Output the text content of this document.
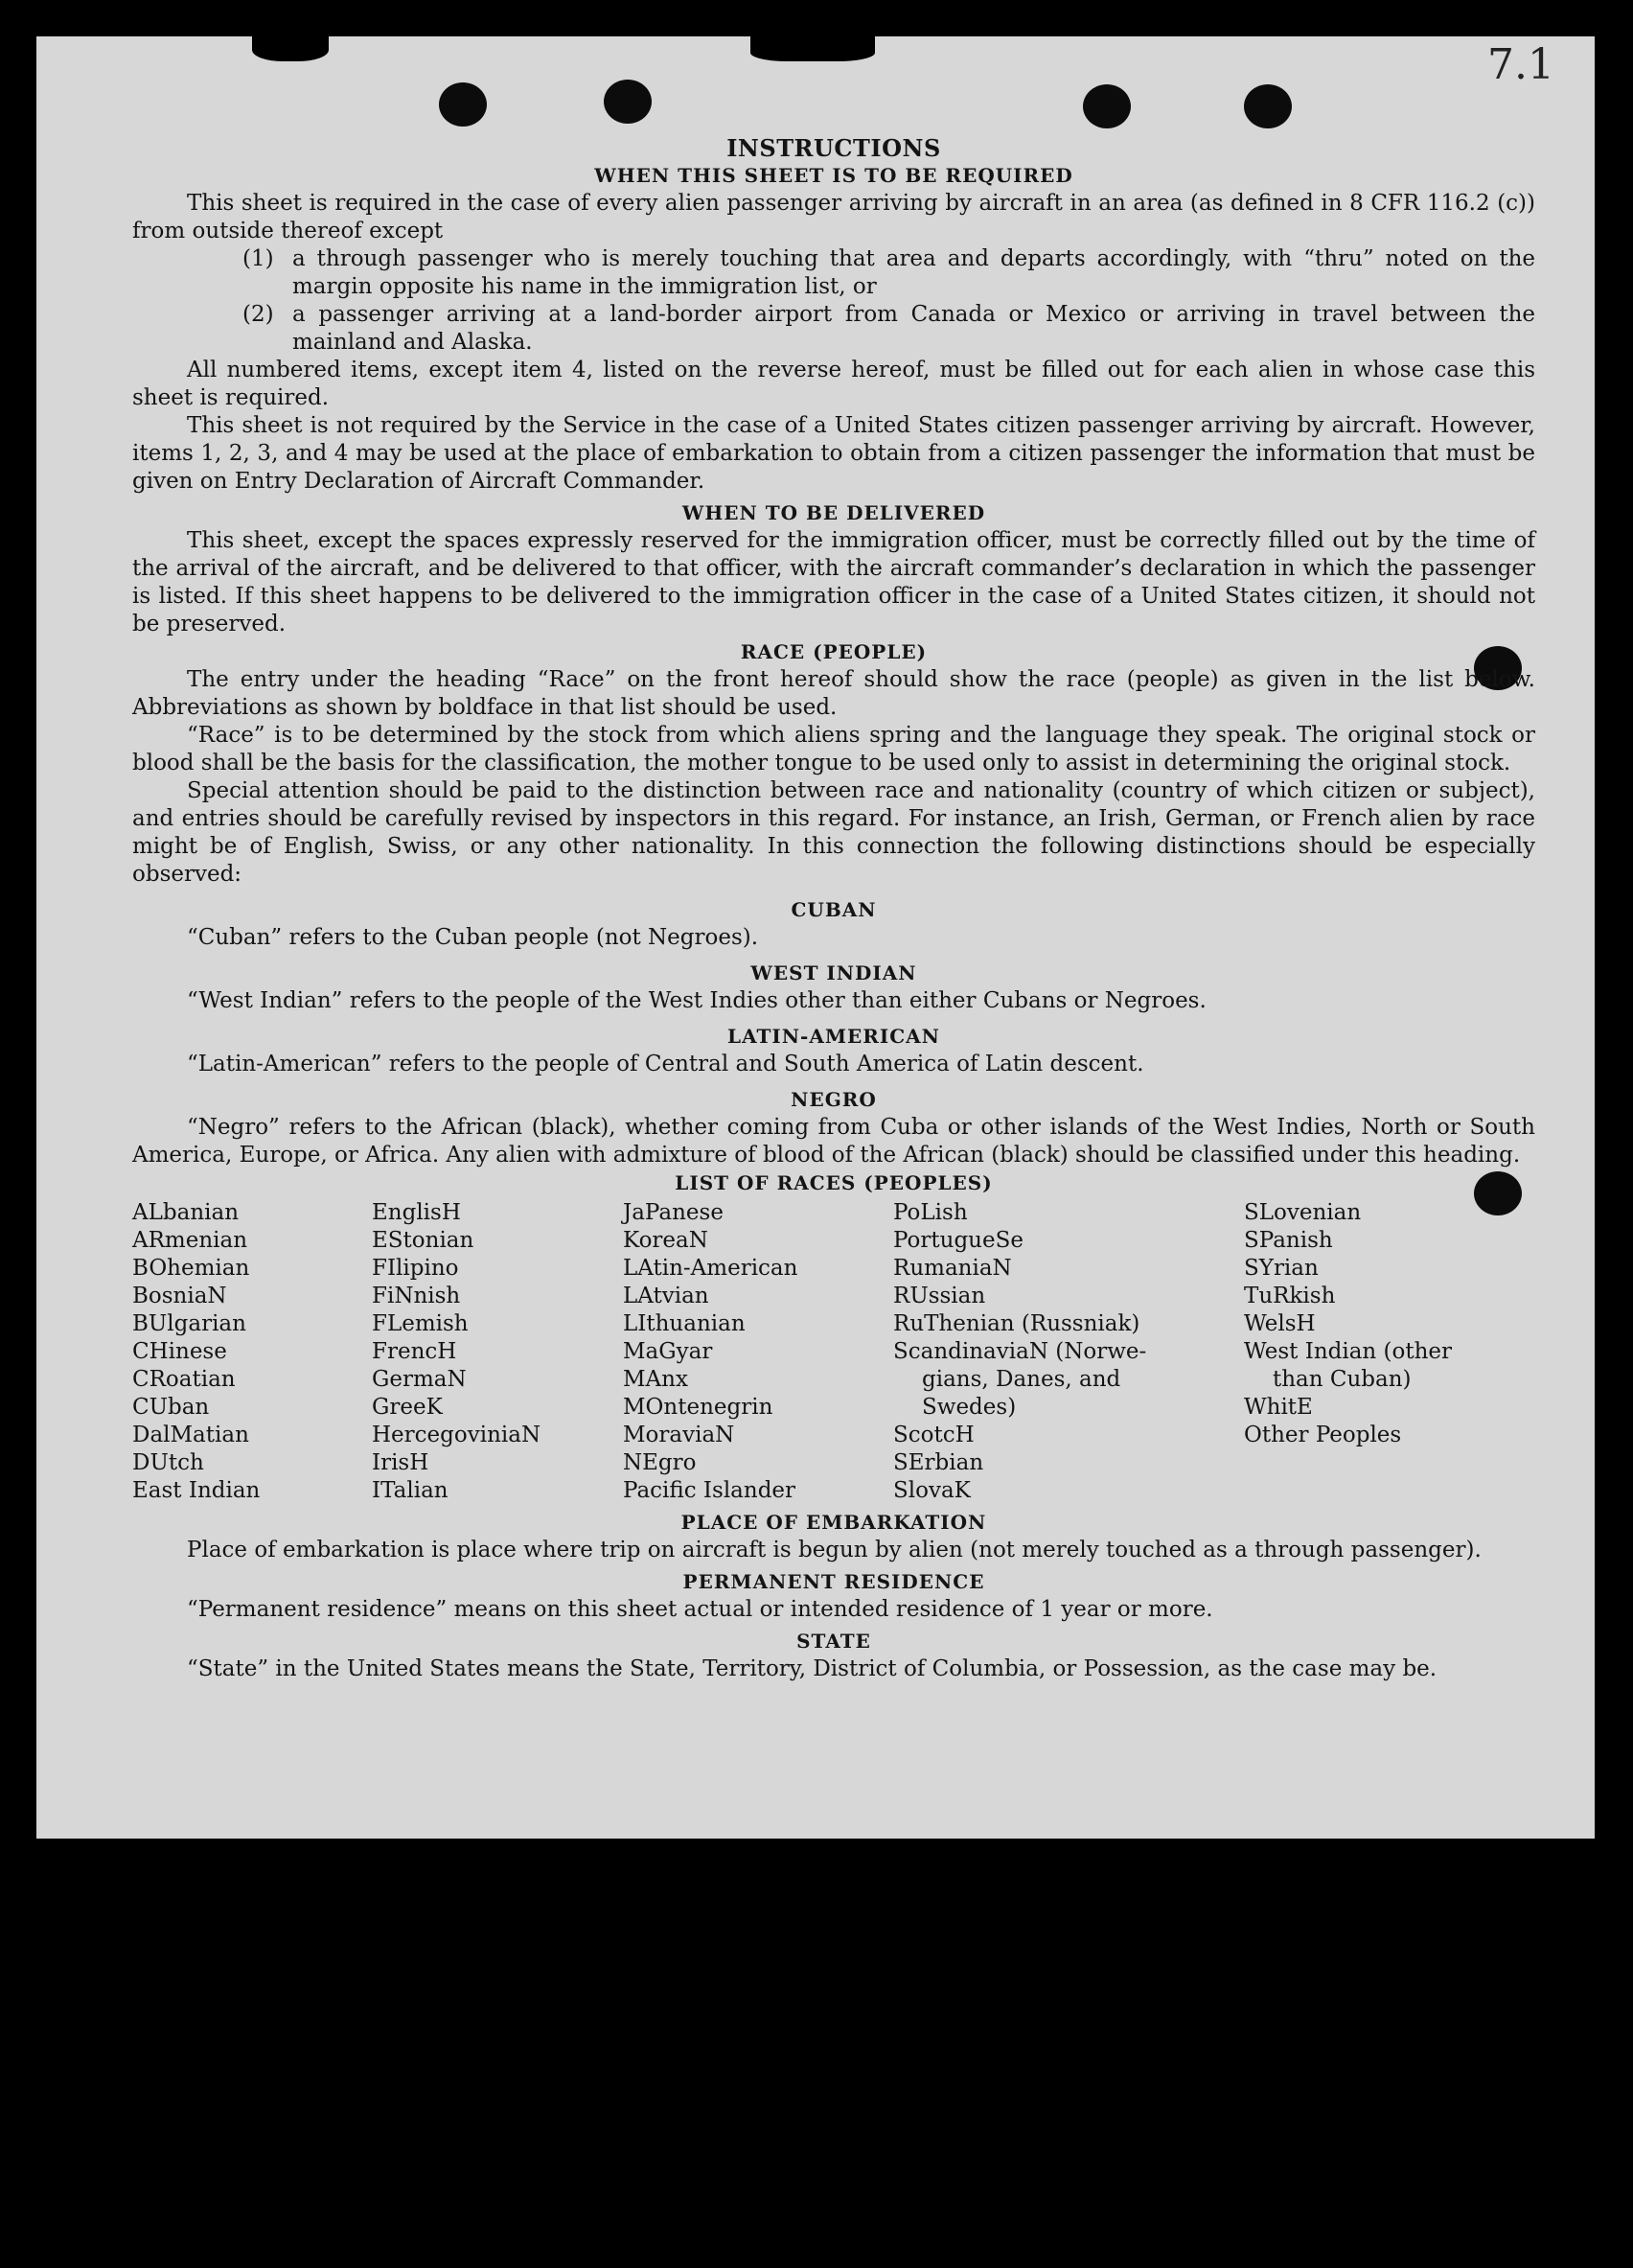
7.1
INSTRUCTIONS
WHEN THIS SHEET IS TO BE REQUIRED

This sheet is required in the case of every alien passenger arriving by aircraft in an area (as defined in 8 CFR 116.2 (c)) from outside thereof except

(1) a through passenger who is merely touching that area and departs accordingly, with “thru” noted on the margin opposite his name in the immigration list, or
(2) a passenger arriving at a land-border airport from Canada or Mexico or arriving in travel between the mainland and Alaska.

All numbered items, except item 4, listed on the reverse hereof, must be filled out for each alien in whose case this sheet is required.

This sheet is not required by the Service in the case of a United States citizen passenger arriving by aircraft. However, items 1, 2, 3, and 4 may be used at the place of embarkation to obtain from a citizen passenger the information that must be given on Entry Declaration of Aircraft Commander.

WHEN TO BE DELIVERED

This sheet, except the spaces expressly reserved for the immigration officer, must be correctly filled out by the time of the arrival of the aircraft, and be delivered to that officer, with the aircraft commander’s declaration in which the passenger is listed. If this sheet happens to be delivered to the immigration officer in the case of a United States citizen, it should not be preserved.

RACE (PEOPLE)

The entry under the heading “Race” on the front hereof should show the race (people) as given in the list below. Abbreviations as shown by boldface in that list should be used.

“Race” is to be determined by the stock from which aliens spring and the language they speak. The original stock or blood shall be the basis for the classification, the mother tongue to be used only to assist in determining the original stock.

Special attention should be paid to the distinction between race and nationality (country of which citizen or subject), and entries should be carefully revised by inspectors in this regard. For instance, an Irish, German, or French alien by race might be of English, Swiss, or any other nationality. In this connection the following distinctions should be especially observed:

CUBAN

“Cuban” refers to the Cuban people (not Negroes).

WEST INDIAN

“West Indian” refers to the people of the West Indies other than either Cubans or Negroes.

LATIN-AMERICAN

“Latin-American” refers to the people of Central and South America of Latin descent.

NEGRO

“Negro” refers to the African (black), whether coming from Cuba or other islands of the West Indies, North or South America, Europe, or Africa. Any alien with admixture of blood of the African (black) should be classified under this heading.

LIST OF RACES (PEOPLES)
ALbanian
ARmenian
BOhemian
BosniaN
BUlgarian
CHinese
CRoatian
CUban
DalMatian
DUtch
East Indian
EnglisH
EStonian
FIlipino
FiNnish
FLemish
FrencH
GermaN
GreeK
HercegoviniaN
IrisH
ITalian
JaPanese
KoreaN
LAtin-American
LAtvian
LIthuanian
MaGyar
MAnx
MOntenegrin
MoraviaN
NEgro
Pacific Islander
PoLish
PortugueSe
RumaniaN
RUssian
RuThenian (Russniak)
ScandinaviaN (Norwe-
gians, Danes, and
Swedes)
ScotcH
SErbian
SlovaK
SLovenian
SPanish
SYrian
TuRkish
WelsH
West Indian (other
than Cuban)
WhitE
Other Peoples
PLACE OF EMBARKATION

Place of embarkation is place where trip on aircraft is begun by alien (not merely touched as a through passenger).

PERMANENT RESIDENCE

“Permanent residence” means on this sheet actual or intended residence of 1 year or more.

STATE

“State” in the United States means the State, Territory, District of Columbia, or Possession, as the case may be.
